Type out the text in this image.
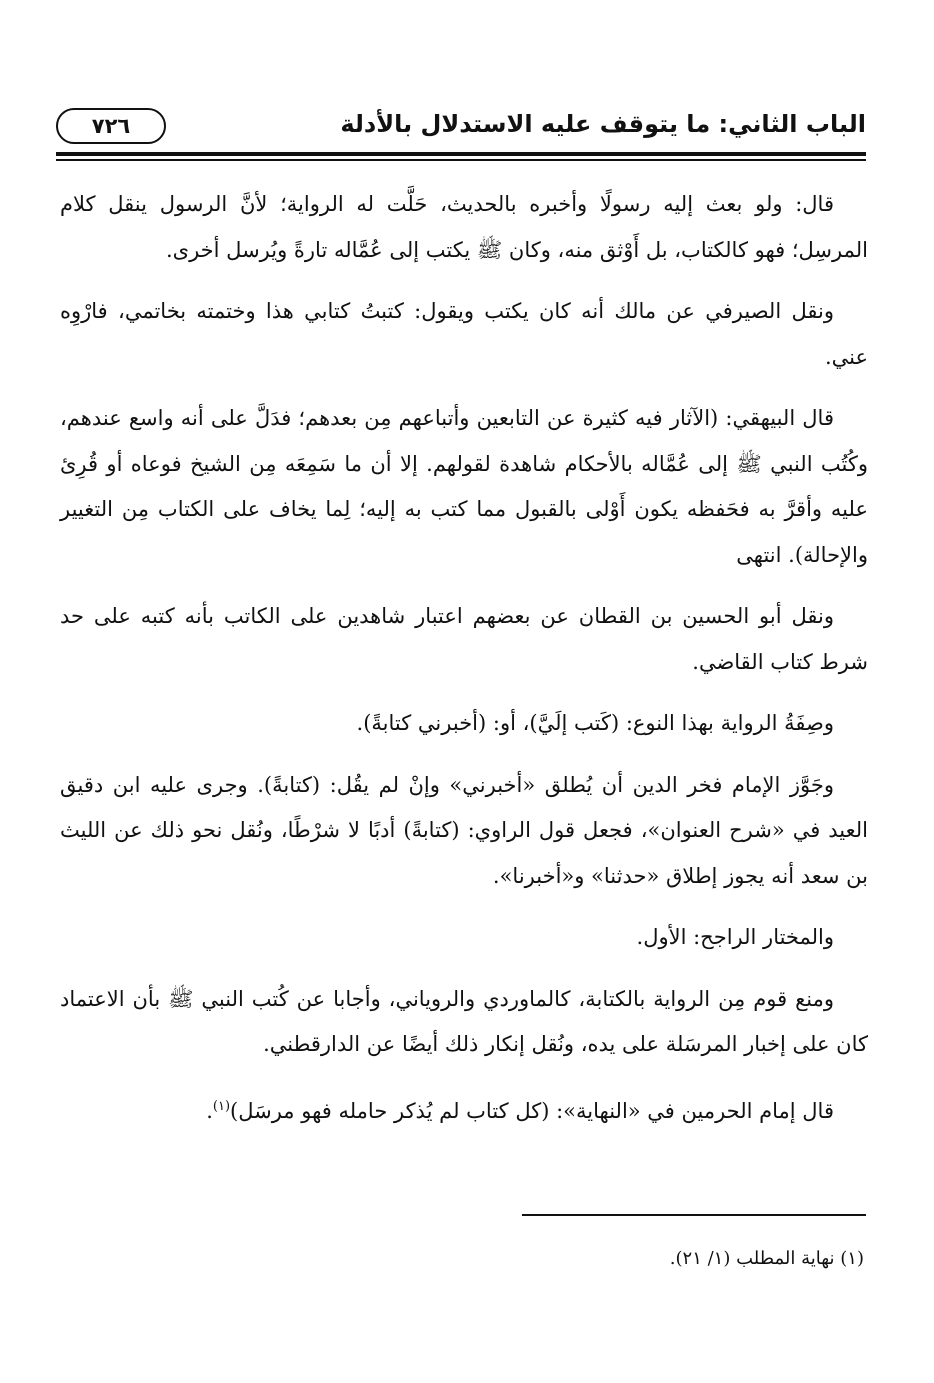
الباب الثاني: ما يتوقف عليه الاستدلال بالأدلة
٧٢٦

قال: ولو بعث إليه رسولًا وأخبره بالحديث، حَلَّت له الرواية؛ لأنَّ الرسول ينقل كلام المرسِل؛ فهو كالكتاب، بل أَوْثق منه، وكان ﷺ يكتب إلى عُمَّاله تارةً ويُرسل أخرى.

ونقل الصيرفي عن مالك أنه كان يكتب ويقول: كتبتُ كتابي هذا وختمته بخاتمي، فارْوِه عني.

قال البيهقي: (الآثار فيه كثيرة عن التابعين وأتباعهم مِن بعدهم؛ فدَلَّ على أنه واسع عندهم، وكُتُب النبي ﷺ إلى عُمَّاله بالأحكام شاهدة لقولهم. إلا أن ما سَمِعَه مِن الشيخ فوعاه أو قُرِئ عليه وأقرَّ به فحَفظه يكون أَوْلى بالقبول مما كتب به إليه؛ لِما يخاف على الكتاب مِن التغيير والإحالة). انتهى

ونقل أبو الحسين بن القطان عن بعضهم اعتبار شاهدين على الكاتب بأنه كتبه على حد شرط كتاب القاضي.

وصِفَةُ الرواية بهذا النوع: (كَتب إلَيَّ)، أو: (أخبرني كتابةً).

وجَوَّز الإمام فخر الدين أن يُطلق «أخبرني» وإنْ لم يقُل: (كتابةً). وجرى عليه ابن دقيق العيد في «شرح العنوان»، فجعل قول الراوي: (كتابةً) أدبًا لا شرْطًا، ونُقل نحو ذلك عن الليث بن سعد أنه يجوز إطلاق «حدثنا» و«أخبرنا».

والمختار الراجح: الأول.

ومنع قوم مِن الرواية بالكتابة، كالماوردي والروياني، وأجابا عن كُتب النبي ﷺ بأن الاعتماد كان على إخبار المرسَلة على يده، ونُقل إنكار ذلك أيضًا عن الدارقطني.

قال إمام الحرمين في «النهاية»: (كل كتاب لم يُذكر حامله فهو مرسَل)$^{(١)}$.

(١) نهاية المطلب (١/ ٢١).
